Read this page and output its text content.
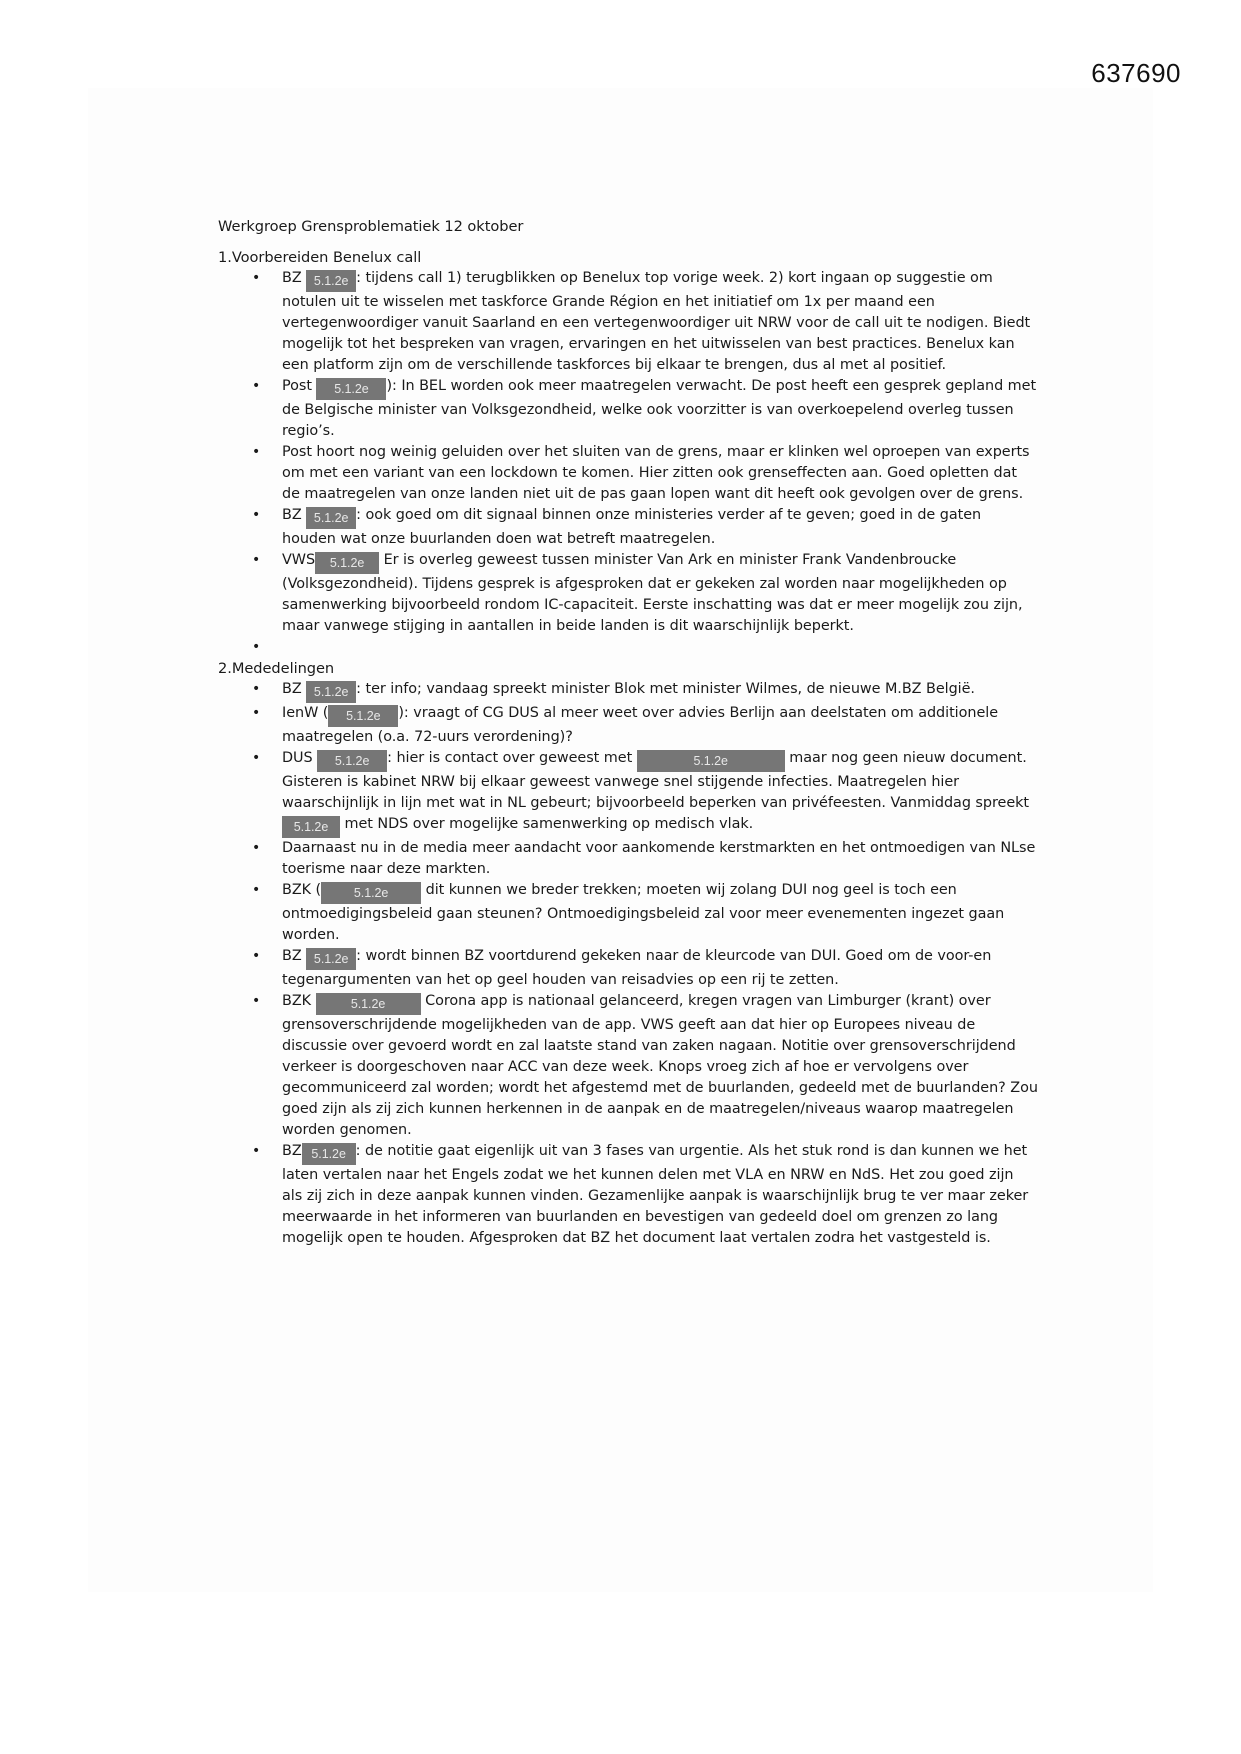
637690

Werkgroep Grensproblematiek 12 oktober

1.Voorbereiden Benelux call

• BZ 5.1.2e : tijdens call 1) terugblikken op Benelux top vorige week. 2) kort ingaan op suggestie om notulen uit te wisselen met taskforce Grande Région en het initiatief om 1x per maand een vertegenwoordiger vanuit Saarland en een vertegenwoordiger uit NRW voor de call uit te nodigen. Biedt mogelijk tot het bespreken van vragen, ervaringen en het uitwisselen van best practices. Benelux kan een platform zijn om de verschillende taskforces bij elkaar te brengen, dus al met al positief.
• Post 5.1.2e ): In BEL worden ook meer maatregelen verwacht. De post heeft een gesprek gepland met de Belgische minister van Volksgezondheid, welke ook voorzitter is van overkoepelend overleg tussen regio’s.
• Post hoort nog weinig geluiden over het sluiten van de grens, maar er klinken wel oproepen van experts om met een variant van een lockdown te komen. Hier zitten ook grenseffecten aan. Goed opletten dat de maatregelen van onze landen niet uit de pas gaan lopen want dit heeft ook gevolgen over de grens.
• BZ 5.1.2e : ook goed om dit signaal binnen onze ministeries verder af te geven; goed in de gaten houden wat onze buurlanden doen wat betreft maatregelen.
• VWS 5.1.2e Er is overleg geweest tussen minister Van Ark en minister Frank Vandenbroucke (Volksgezondheid). Tijdens gesprek is afgesproken dat er gekeken zal worden naar mogelijkheden op samenwerking bijvoorbeeld rondom IC-capaciteit. Eerste inschatting was dat er meer mogelijk zou zijn, maar vanwege stijging in aantallen in beide landen is dit waarschijnlijk beperkt.
•

2.Mededelingen

• BZ 5.1.2e : ter info; vandaag spreekt minister Blok met minister Wilmes, de nieuwe M.BZ België.
• IenW ( 5.1.2e ): vraagt of CG DUS al meer weet over advies Berlijn aan deelstaten om additionele maatregelen (o.a. 72-uurs verordening)?
• DUS 5.1.2e : hier is contact over geweest met	5.1.2e	maar nog geen nieuw document. Gisteren is kabinet NRW bij elkaar geweest vanwege snel stijgende infecties. Maatregelen hier waarschijnlijk in lijn met wat in NL gebeurt; bijvoorbeeld beperken van privéfeesten. Vanmiddag spreekt 5.1.2e met NDS over mogelijke samenwerking op medisch vlak.
• Daarnaast nu in de media meer aandacht voor aankomende kerstmarkten en het ontmoedigen van NLse toerisme naar deze markten.
• BZK (	5.1.2e dit kunnen we breder trekken; moeten wij zolang DUI nog geel is toch een ontmoedigingsbeleid gaan steunen? Ontmoedigingsbeleid zal voor meer evenementen ingezet gaan worden.
• BZ 5.1.2e : wordt binnen BZ voortdurend gekeken naar de kleurcode van DUI. Goed om de voor-en tegenargumenten van het op geel houden van reisadvies op een rij te zetten.
• BZK	5.1.2e Corona app is nationaal gelanceerd, kregen vragen van Limburger (krant) over grensoverschrijdende mogelijkheden van de app. VWS geeft aan dat hier op Europees niveau de discussie over gevoerd wordt en zal laatste stand van zaken nagaan. Notitie over grensoverschrijdend verkeer is doorgeschoven naar ACC van deze week. Knops vroeg zich af hoe er vervolgens over gecommuniceerd zal worden; wordt het afgestemd met de buurlanden, gedeeld met de buurlanden? Zou goed zijn als zij zich kunnen herkennen in de aanpak en de maatregelen/niveaus waarop maatregelen worden genomen.
• BZ 5.1.2e : de notitie gaat eigenlijk uit van 3 fases van urgentie. Als het stuk rond is dan kunnen we het laten vertalen naar het Engels zodat we het kunnen delen met VLA en NRW en NdS. Het zou goed zijn als zij zich in deze aanpak kunnen vinden. Gezamenlijke aanpak is waarschijnlijk brug te ver maar zeker meerwaarde in het informeren van buurlanden en bevestigen van gedeeld doel om grenzen zo lang mogelijk open te houden. Afgesproken dat BZ het document laat vertalen zodra het vastgesteld is.
